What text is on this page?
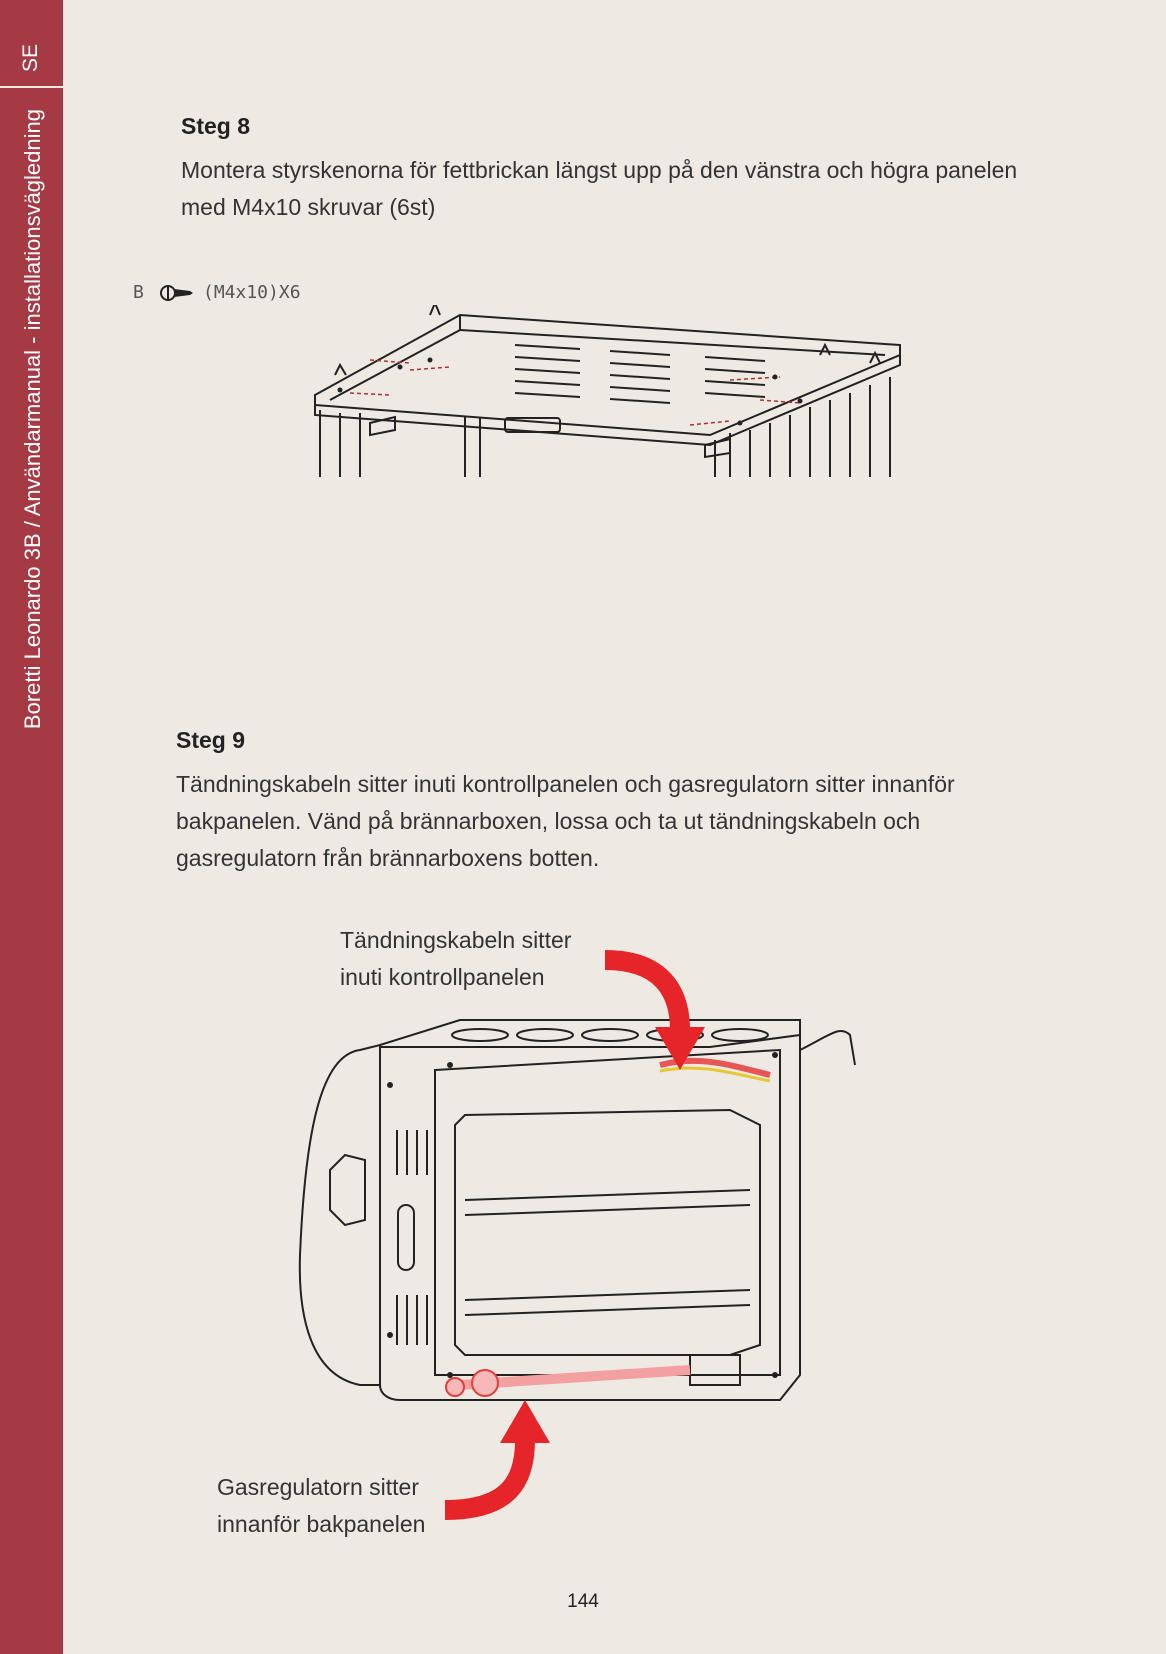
SE
Boretti Leonardo 3B / Användarmanual - installationsvägledning	Steg 8
Montera styrskenorna för fettbrickan längst upp på den vänstra och högra panelen
med M4x10 skruvar (6st)
B	(M4x10)X6
Steg 9
Tändningskabeln sitter inuti kontrollpanelen och gasregulatorn sitter innanför
bakpanelen. Vänd på brännarboxen, lossa och ta ut tändningskabeln och
gasregulatorn från brännarboxens botten.
Tändningskabeln sitter
inuti kontrollpanelen
Gasregulatorn sitter
innanför bakpanelen
144
